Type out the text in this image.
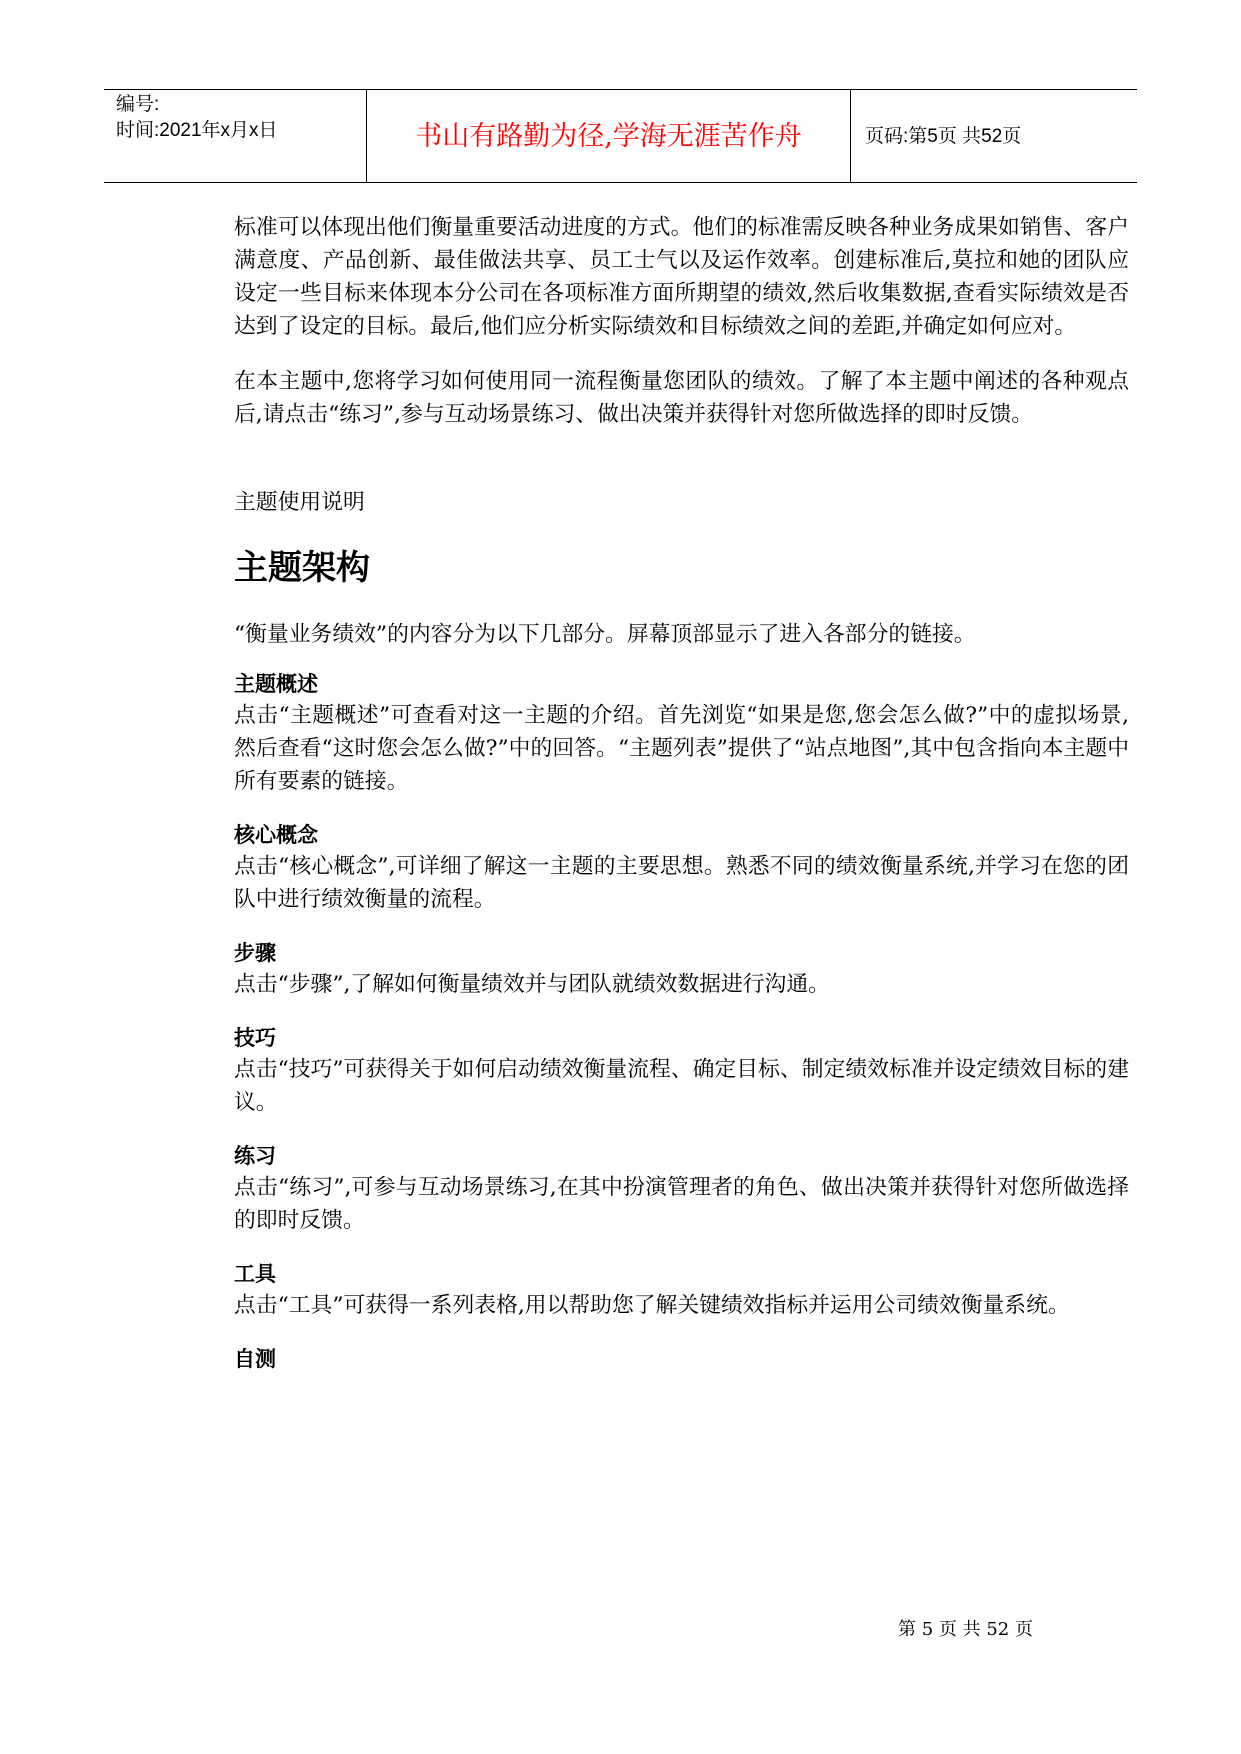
编号:
时间:2021年x月x日	书山有路勤为径,学海无涯苦作舟	页码:第5页 共52页

标准可以体现出他们衡量重要活动进度的方式。他们的标准需反映各种业务成果如销售、客户满意度、产品创新、最佳做法共享、员工士气以及运作效率。创建标准后,莫拉和她的团队应设定一些目标来体现本分公司在各项标准方面所期望的绩效,然后收集数据,查看实际绩效是否达到了设定的目标。最后,他们应分析实际绩效和目标绩效之间的差距,并确定如何应对。

在本主题中,您将学习如何使用同一流程衡量您团队的绩效。了解了本主题中阐述的各种观点后,请点击“练习”,参与互动场景练习、做出决策并获得针对您所做选择的即时反馈。

主题使用说明

主题架构

“衡量业务绩效”的内容分为以下几部分。屏幕顶部显示了进入各部分的链接。

主题概述

点击“主题概述”可查看对这一主题的介绍。首先浏览“如果是您,您会怎么做?”中的虚拟场景,然后查看“这时您会怎么做?”中的回答。“主题列表”提供了“站点地图”,其中包含指向本主题中所有要素的链接。

核心概念

点击“核心概念”,可详细了解这一主题的主要思想。熟悉不同的绩效衡量系统,并学习在您的团队中进行绩效衡量的流程。

步骤

点击“步骤”,了解如何衡量绩效并与团队就绩效数据进行沟通。

技巧

点击“技巧”可获得关于如何启动绩效衡量流程、确定目标、制定绩效标准并设定绩效目标的建议。

练习

点击“练习”,可参与互动场景练习,在其中扮演管理者的角色、做出决策并获得针对您所做选择的即时反馈。

工具

点击“工具”可获得一系列表格,用以帮助您了解关键绩效指标并运用公司绩效衡量系统。

自测
第 5 页 共 52 页
